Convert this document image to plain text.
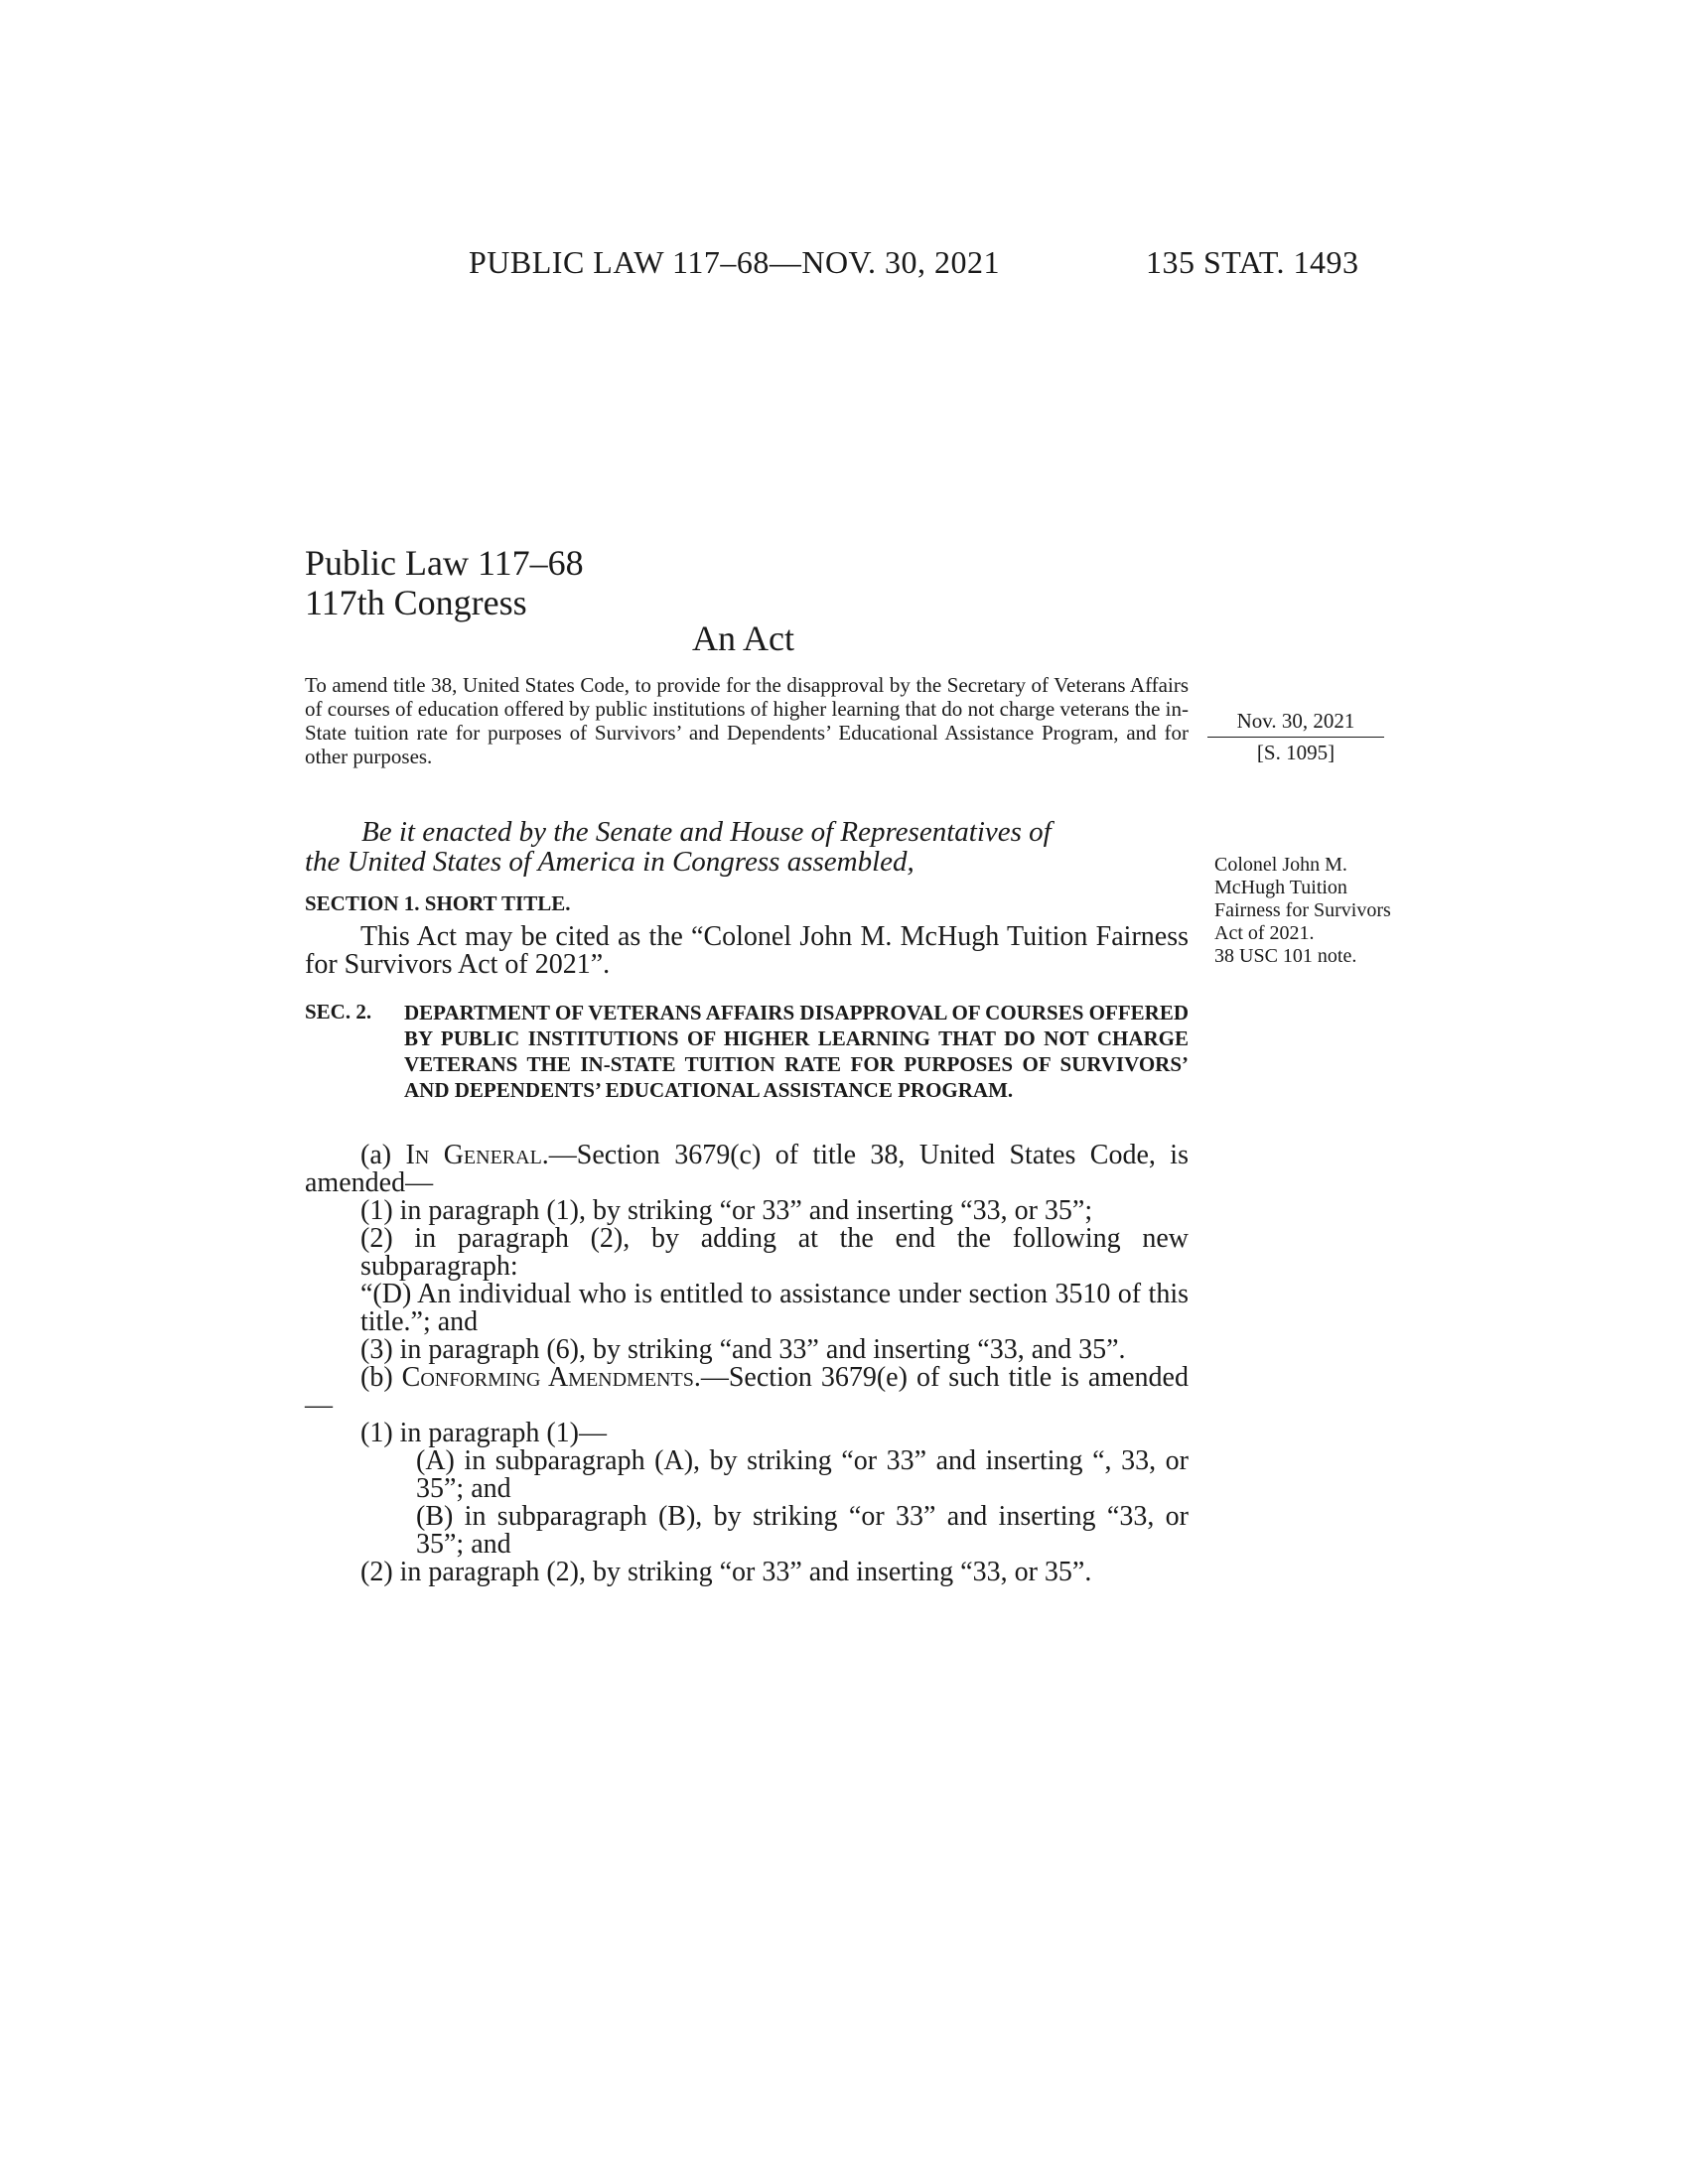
PUBLIC LAW 117–68—NOV. 30, 2021	135 STAT. 1493
Public Law 117–68
117th Congress
An Act
To amend title 38, United States Code, to provide for the disapproval by the Secretary of Veterans Affairs of courses of education offered by public institutions of higher learning that do not charge veterans the in-State tuition rate for purposes of Survivors’ and Dependents’ Educational Assistance Program, and for other purposes.
Nov. 30, 2021
[S. 1095]
Colonel John M. McHugh Tuition Fairness for Survivors Act of 2021.
38 USC 101 note.
Be it enacted by the Senate and House of Representatives of
the United States of America in Congress assembled,
SECTION 1. SHORT TITLE.

This Act may be cited as the “Colonel John M. McHugh Tuition Fairness for Survivors Act of 2021”.

SEC. 2. DEPARTMENT OF VETERANS AFFAIRS DISAPPROVAL OF COURSES OFFERED BY PUBLIC INSTITUTIONS OF HIGHER LEARNING THAT DO NOT CHARGE VETERANS THE IN-STATE TUITION RATE FOR PURPOSES OF SURVIVORS’ AND DEPENDENTS’ EDUCATIONAL ASSISTANCE PROGRAM.

(a) In General.—Section 3679(c) of title 38, United States Code, is amended—

(1) in paragraph (1), by striking “or 33” and inserting “33, or 35”;

(2) in paragraph (2), by adding at the end the following new subparagraph:

“(D) An individual who is entitled to assistance under section 3510 of this title.”; and

(3) in paragraph (6), by striking “and 33” and inserting “33, and 35”.

(b) Conforming Amendments.—Section 3679(e) of such title is amended—

(1) in paragraph (1)—

(A) in subparagraph (A), by striking “or 33” and inserting “, 33, or 35”; and

(B) in subparagraph (B), by striking “or 33” and inserting “33, or 35”; and

(2) in paragraph (2), by striking “or 33” and inserting “33, or 35”.
